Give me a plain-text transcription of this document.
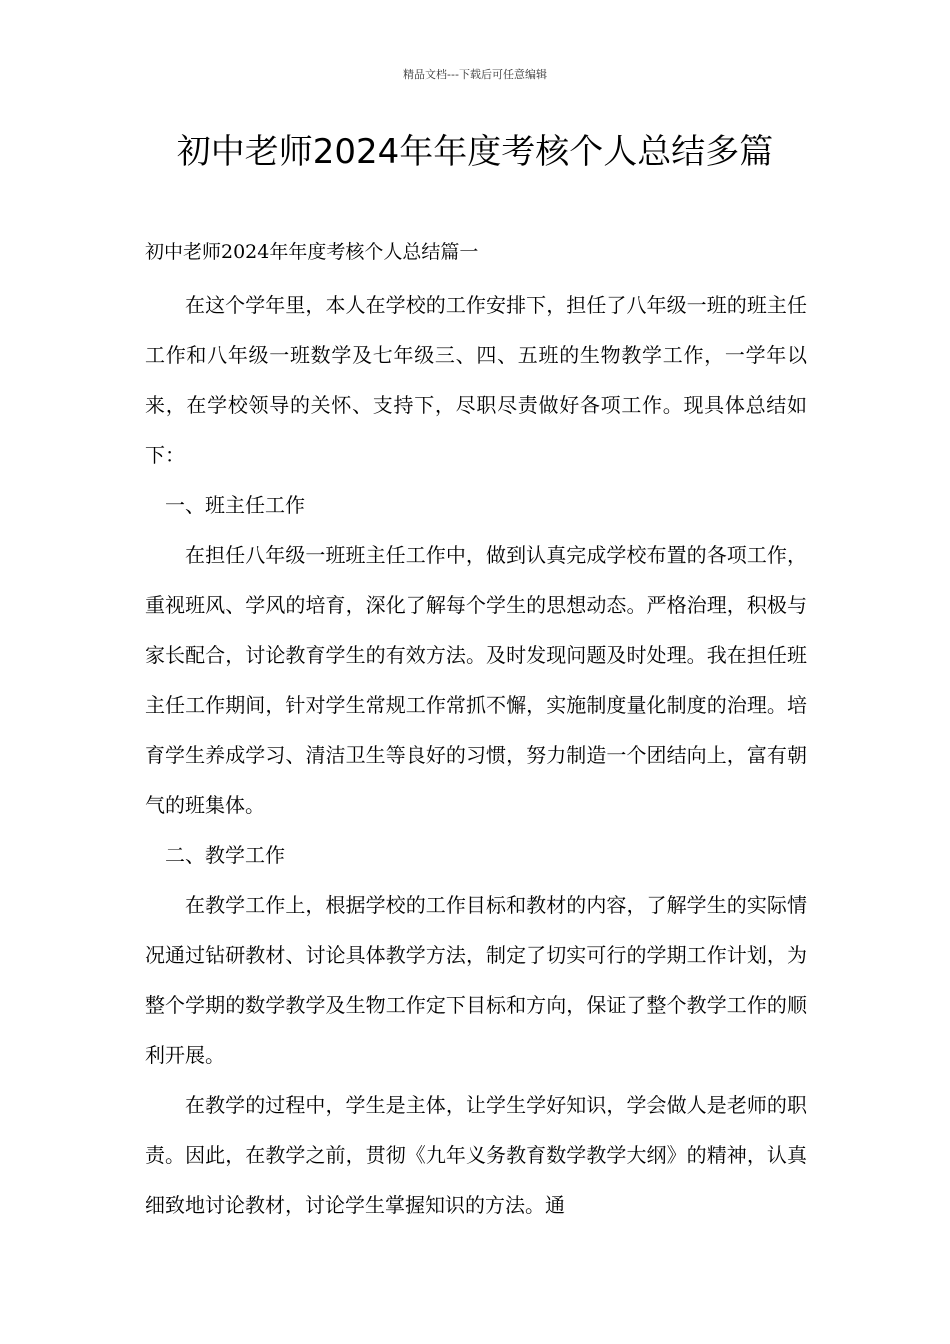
精品文档---下载后可任意编辑
初中老师2024年年度考核个人总结多篇

初中老师2024年年度考核个人总结篇一

在这个学年里，本人在学校的工作安排下，担任了八年级一班的班主任工作和八年级一班数学及七年级三、四、五班的生物教学工作，一学年以来，在学校领导的关怀、支持下，尽职尽责做好各项工作。现具体总结如下：

一、班主任工作

在担任八年级一班班主任工作中，做到认真完成学校布置的各项工作，重视班风、学风的培育，深化了解每个学生的思想动态。严格治理，积极与家长配合，讨论教育学生的有效方法。及时发现问题及时处理。我在担任班主任工作期间，针对学生常规工作常抓不懈，实施制度量化制度的治理。培育学生养成学习、清洁卫生等良好的习惯，努力制造一个团结向上，富有朝气的班集体。

二、教学工作

在教学工作上，根据学校的工作目标和教材的内容，了解学生的实际情况通过钻研教材、讨论具体教学方法，制定了切实可行的学期工作计划，为整个学期的数学教学及生物工作定下目标和方向，保证了整个教学工作的顺利开展。

在教学的过程中，学生是主体，让学生学好知识，学会做人是老师的职责。因此，在教学之前，贯彻《九年义务教育数学教学大纲》的精神，认真细致地讨论教材，讨论学生掌握知识的方法。通
